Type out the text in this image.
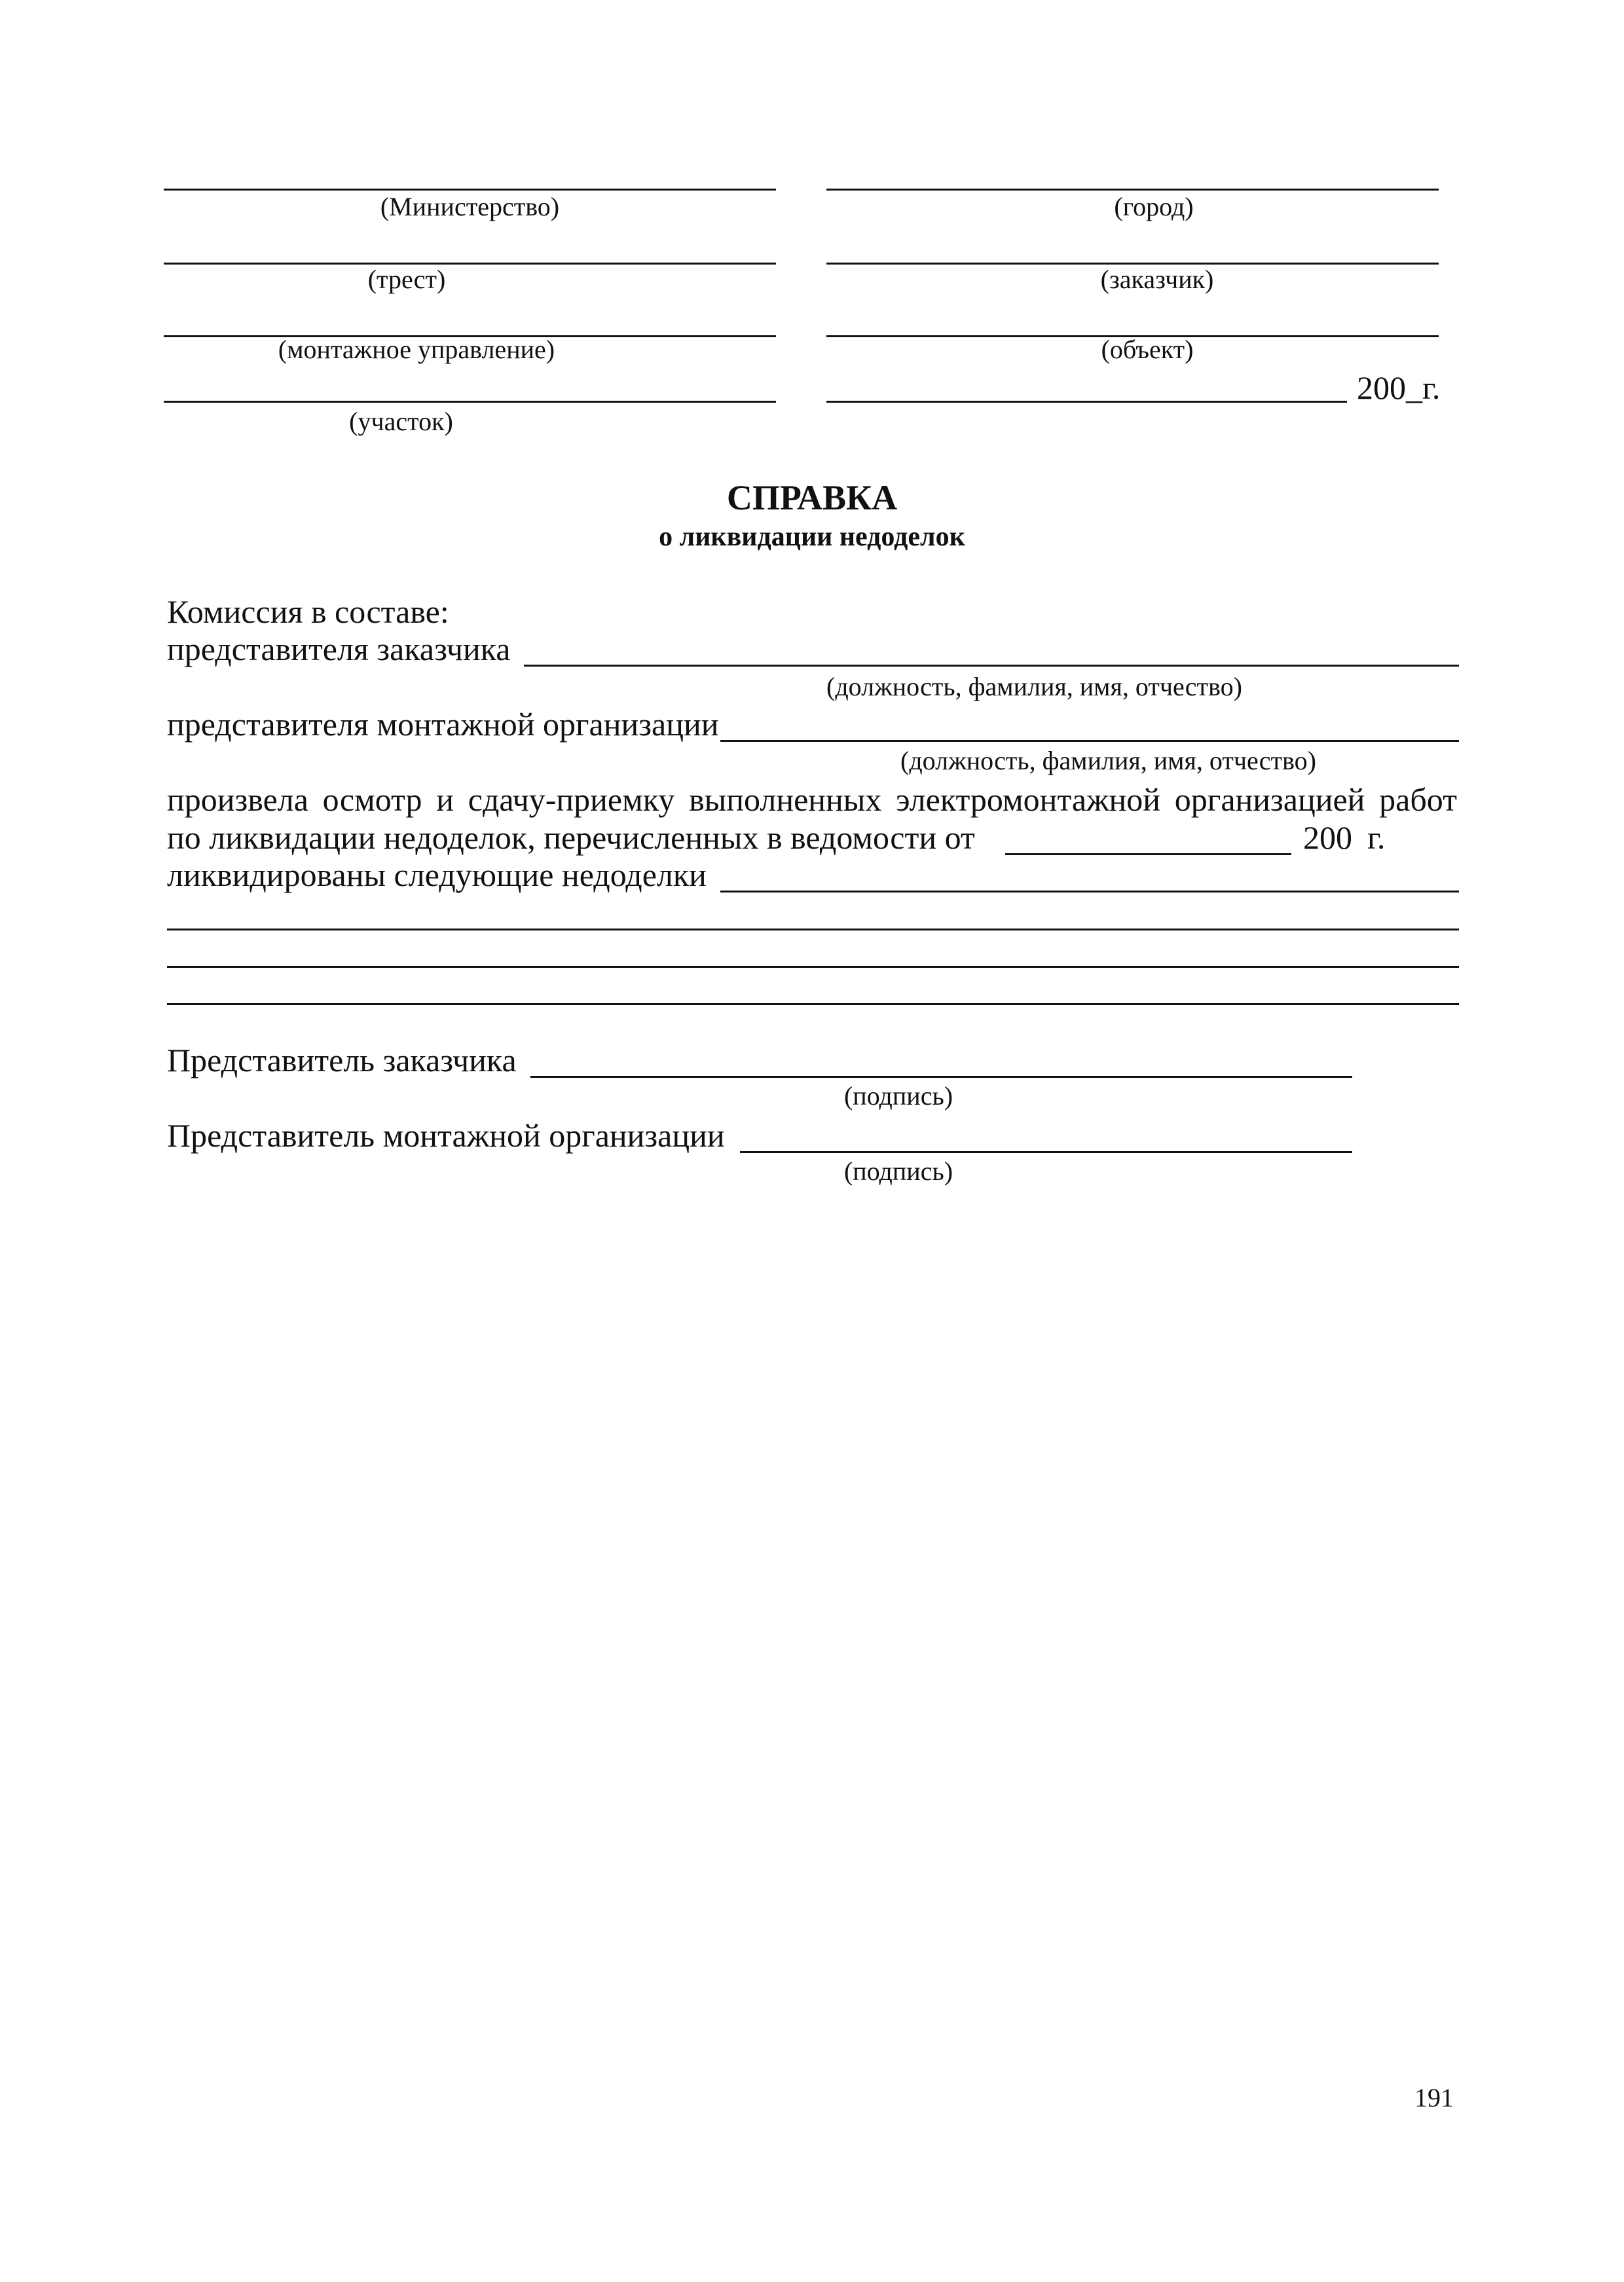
(Министерство)
(трест)
(монтажное управление)
(участок)
(город)
(заказчик)
(объект)
200_г.
СПРАВКА
о ликвидации недоделок
Комиссия в составе:
представителя заказчика
(должность, фамилия, имя, отчество)
представителя монтажной организации
(должность, фамилия, имя, отчество)
произвела осмотр и сдачу-приемку выполненных электромонтажной организацией работ
по ликвидации недоделок, перечисленных в ведомости от	200 г.
ликвидированы следующие недоделки
Представитель заказчика
(подпись)
Представитель монтажной организации
(подпись)
191
